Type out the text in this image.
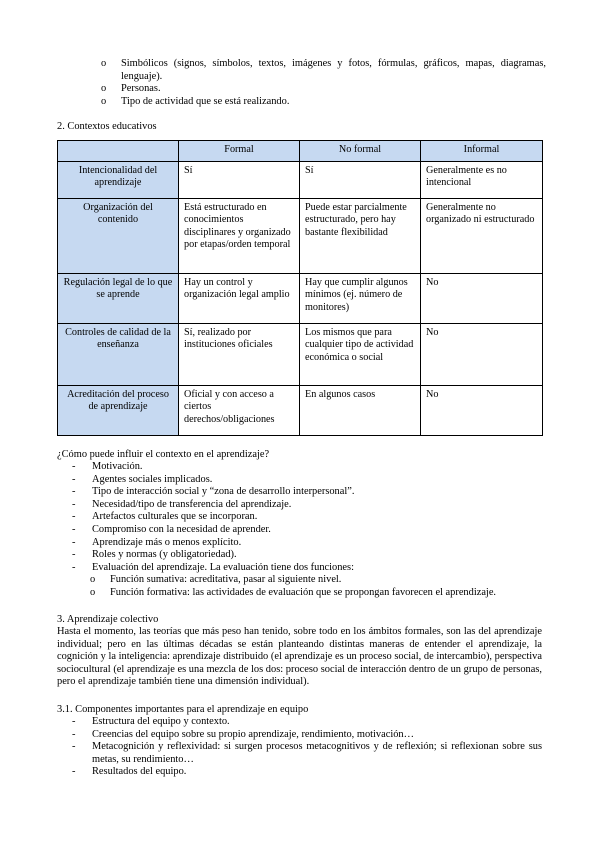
o Simbólicos (signos, símbolos, textos, imágenes y fotos, fórmulas, gráficos, mapas, diagramas, lenguaje).
o Personas.
o Tipo de actividad que se está realizando.
2. Contextos educativos
	Formal	No formal	Informal
Intencionalidad del aprendizaje	Sí	Sí	Generalmente es no intencional
Organización del contenido	Está estructurado en conocimientos disciplinares y organizado por etapas/orden temporal	Puede estar parcialmente estructurado, pero hay bastante flexibilidad	Generalmente no organizado ni estructurado
Regulación legal de lo que se aprende	Hay un control y organización legal amplio	Hay que cumplir algunos mínimos (ej. número de monitores)	No
Controles de calidad de la enseñanza	Sí, realizado por instituciones oficiales	Los mismos que para cualquier tipo de actividad económica o social	No
Acreditación del proceso de aprendizaje	Oficial y con acceso a ciertos derechos/obligaciones	En algunos casos	No
¿Cómo puede influir el contexto en el aprendizaje?
- Motivación.
- Agentes sociales implicados.
- Tipo de interacción social y “zona de desarrollo interpersonal”.
- Necesidad/tipo de transferencia del aprendizaje.
- Artefactos culturales que se incorporan.
- Compromiso con la necesidad de aprender.
- Aprendizaje más o menos explícito.
- Roles y normas (y obligatoriedad).
- Evaluación del aprendizaje. La evaluación tiene dos funciones:
o Función sumativa: acreditativa, pasar al siguiente nivel.
o Función formativa: las actividades de evaluación que se propongan favorecen el aprendizaje.
3. Aprendizaje colectivo
Hasta el momento, las teorías que más peso han tenido, sobre todo en los ámbitos formales, son las del aprendizaje individual; pero en las últimas décadas se están planteando distintas maneras de entender el aprendizaje, la cognición y la inteligencia: aprendizaje distribuido (el aprendizaje es un proceso social, de intercambio), perspectiva sociocultural (el aprendizaje es una mezcla de los dos: proceso social de interacción dentro de un grupo de personas, pero el aprendizaje también tiene una dimensión individual).
3.1. Componentes importantes para el aprendizaje en equipo
- Estructura del equipo y contexto.
- Creencias del equipo sobre su propio aprendizaje, rendimiento, motivación…
- Metacognición y reflexividad: si surgen procesos metacognitivos y de reflexión; si reflexionan sobre sus metas, su rendimiento…
- Resultados del equipo.
